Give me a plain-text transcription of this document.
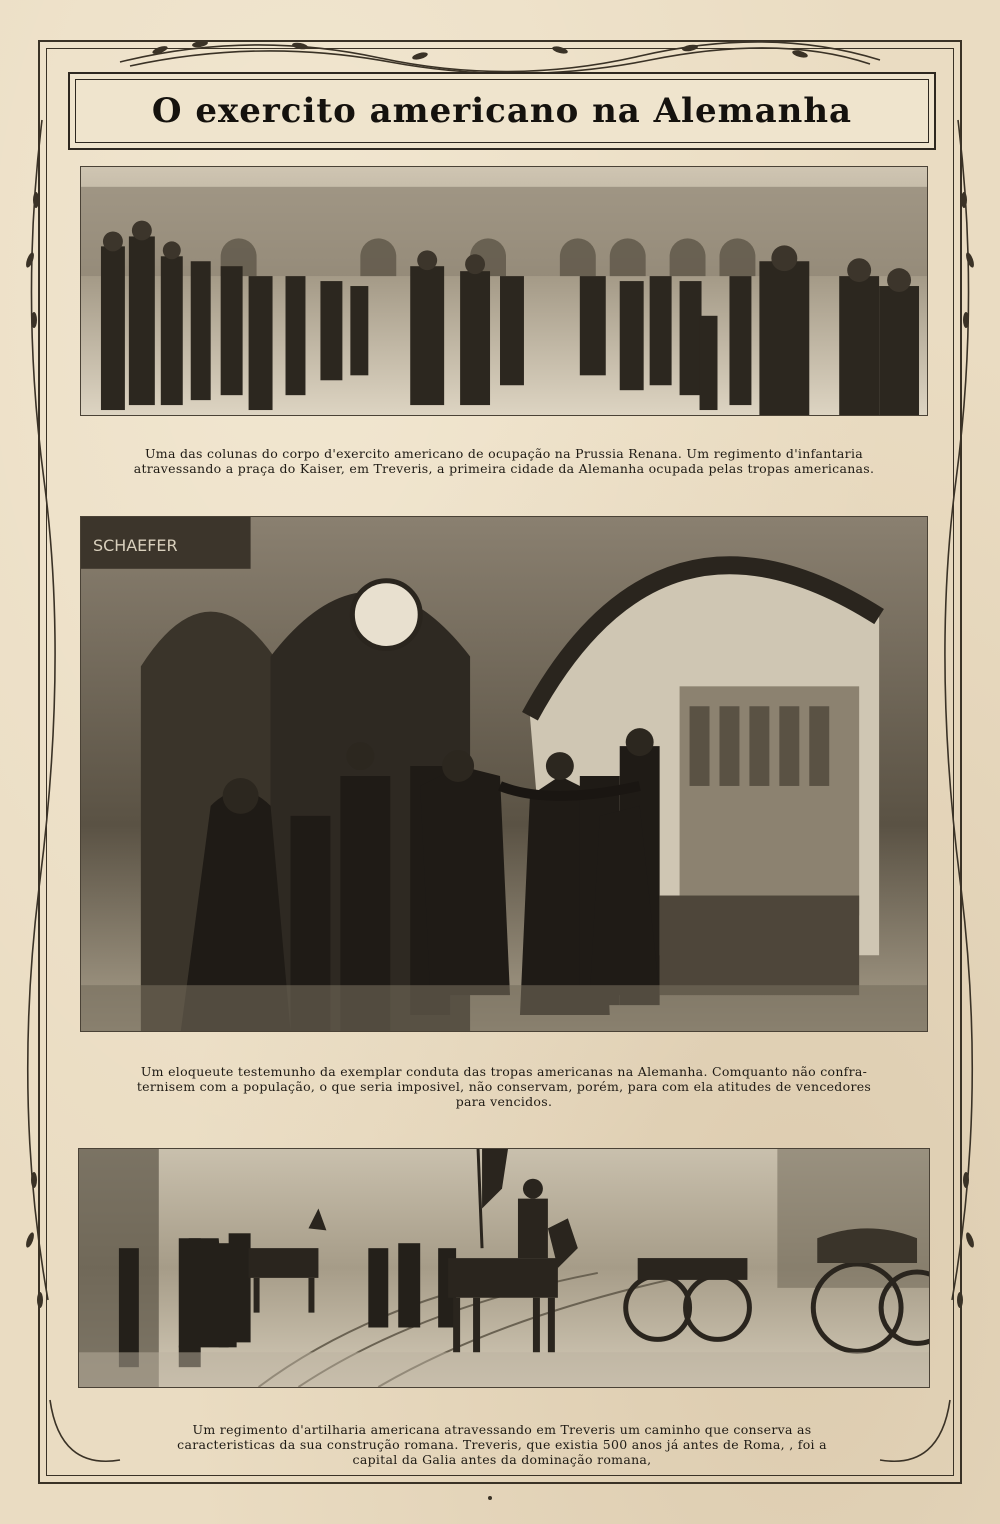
O exercito americano na Alemanha
Uma das colunas do corpo d'exercito americano de ocupação na Prussia Renana. Um regimento d'infantaria
atravessando a praça do Kaiser, em Treveris, a primeira cidade da Alemanha ocupada pelas tropas americanas.
SCHAEFER
Um eloqueute testemunho da exemplar conduta das tropas americanas na Alemanha. Comquanto não confra-
ternisem com a população, o que seria imposivel, não conservam, porém, para com ela atitudes de vencedores
para vencidos.
Um regimento d'artilharia americana atravessando em Treveris um caminho que conserva as
caracteristicas da sua construção romana. Treveris, que existia 500 anos já antes de Roma, , foi a
capital da Galia antes da dominação romana,
